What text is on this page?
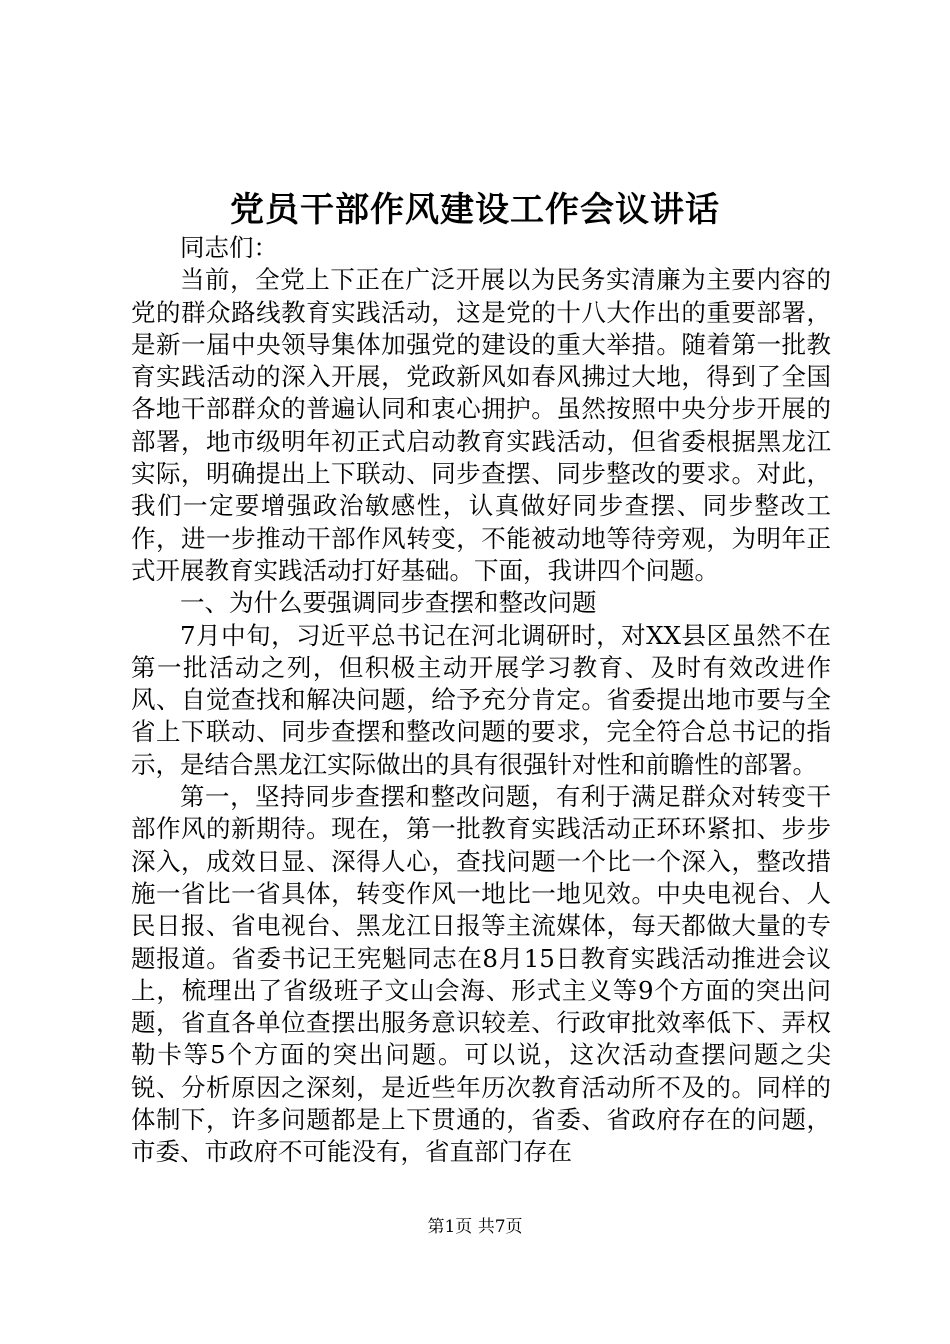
党员干部作风建设工作会议讲话

同志们：

当前，全党上下正在广泛开展以为民务实清廉为主要内容的党的群众路线教育实践活动，这是党的十八大作出的重要部署，是新一届中央领导集体加强党的建设的重大举措。随着第一批教育实践活动的深入开展，党政新风如春风拂过大地，得到了全国各地干部群众的普遍认同和衷心拥护。虽然按照中央分步开展的部署，地市级明年初正式启动教育实践活动，但省委根据黑龙江实际，明确提出上下联动、同步查摆、同步整改的要求。对此，我们一定要增强政治敏感性，认真做好同步查摆、同步整改工作，进一步推动干部作风转变，不能被动地等待旁观，为明年正式开展教育实践活动打好基础。下面，我讲四个问题。

一、为什么要强调同步查摆和整改问题

7月中旬，习近平总书记在河北调研时，对XX县区虽然不在第一批活动之列，但积极主动开展学习教育、及时有效改进作风、自觉查找和解决问题，给予充分肯定。省委提出地市要与全省上下联动、同步查摆和整改问题的要求，完全符合总书记的指示，是结合黑龙江实际做出的具有很强针对性和前瞻性的部署。

第一，坚持同步查摆和整改问题，有利于满足群众对转变干部作风的新期待。现在，第一批教育实践活动正环环紧扣、步步深入，成效日显、深得人心，查找问题一个比一个深入，整改措施一省比一省具体，转变作风一地比一地见效。中央电视台、人民日报、省电视台、黑龙江日报等主流媒体，每天都做大量的专题报道。省委书记王宪魁同志在8月15日教育实践活动推进会议上，梳理出了省级班子文山会海、形式主义等9个方面的突出问题，省直各单位查摆出服务意识较差、行政审批效率低下、弄权勒卡等5个方面的突出问题。可以说，这次活动查摆问题之尖锐、分析原因之深刻，是近些年历次教育活动所不及的。同样的体制下，许多问题都是上下贯通的，省委、省政府存在的问题，市委、市政府不可能没有，省直部门存在

第1页 共7页
